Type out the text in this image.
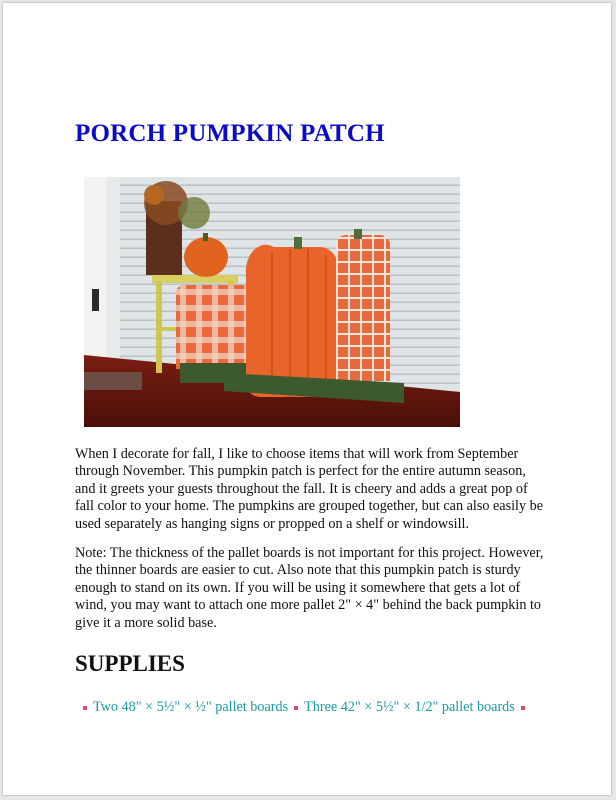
PORCH PUMPKIN PATCH

When I decorate for fall, I like to choose items that will work from September through November. This pumpkin patch is perfect for the entire autumn season, and it greets your guests throughout the fall. It is cheery and adds a great pop of fall color to your home. The pumpkins are grouped together, but can also easily be used separately as hanging signs or propped on a shelf or windowsill.

Note: The thickness of the pallet boards is not important for this project. However, the thinner boards are easier to cut. Also note that this pumpkin patch is sturdy enough to stand on its own. If you will be using it somewhere that gets a lot of wind, you may want to attach one more pallet 2" × 4" behind the back pumpkin to give it a more solid base.

SUPPLIES
Two 48" × 5½" × ½" pallet boards Three 42" × 5½" × 1/2" pallet boards
